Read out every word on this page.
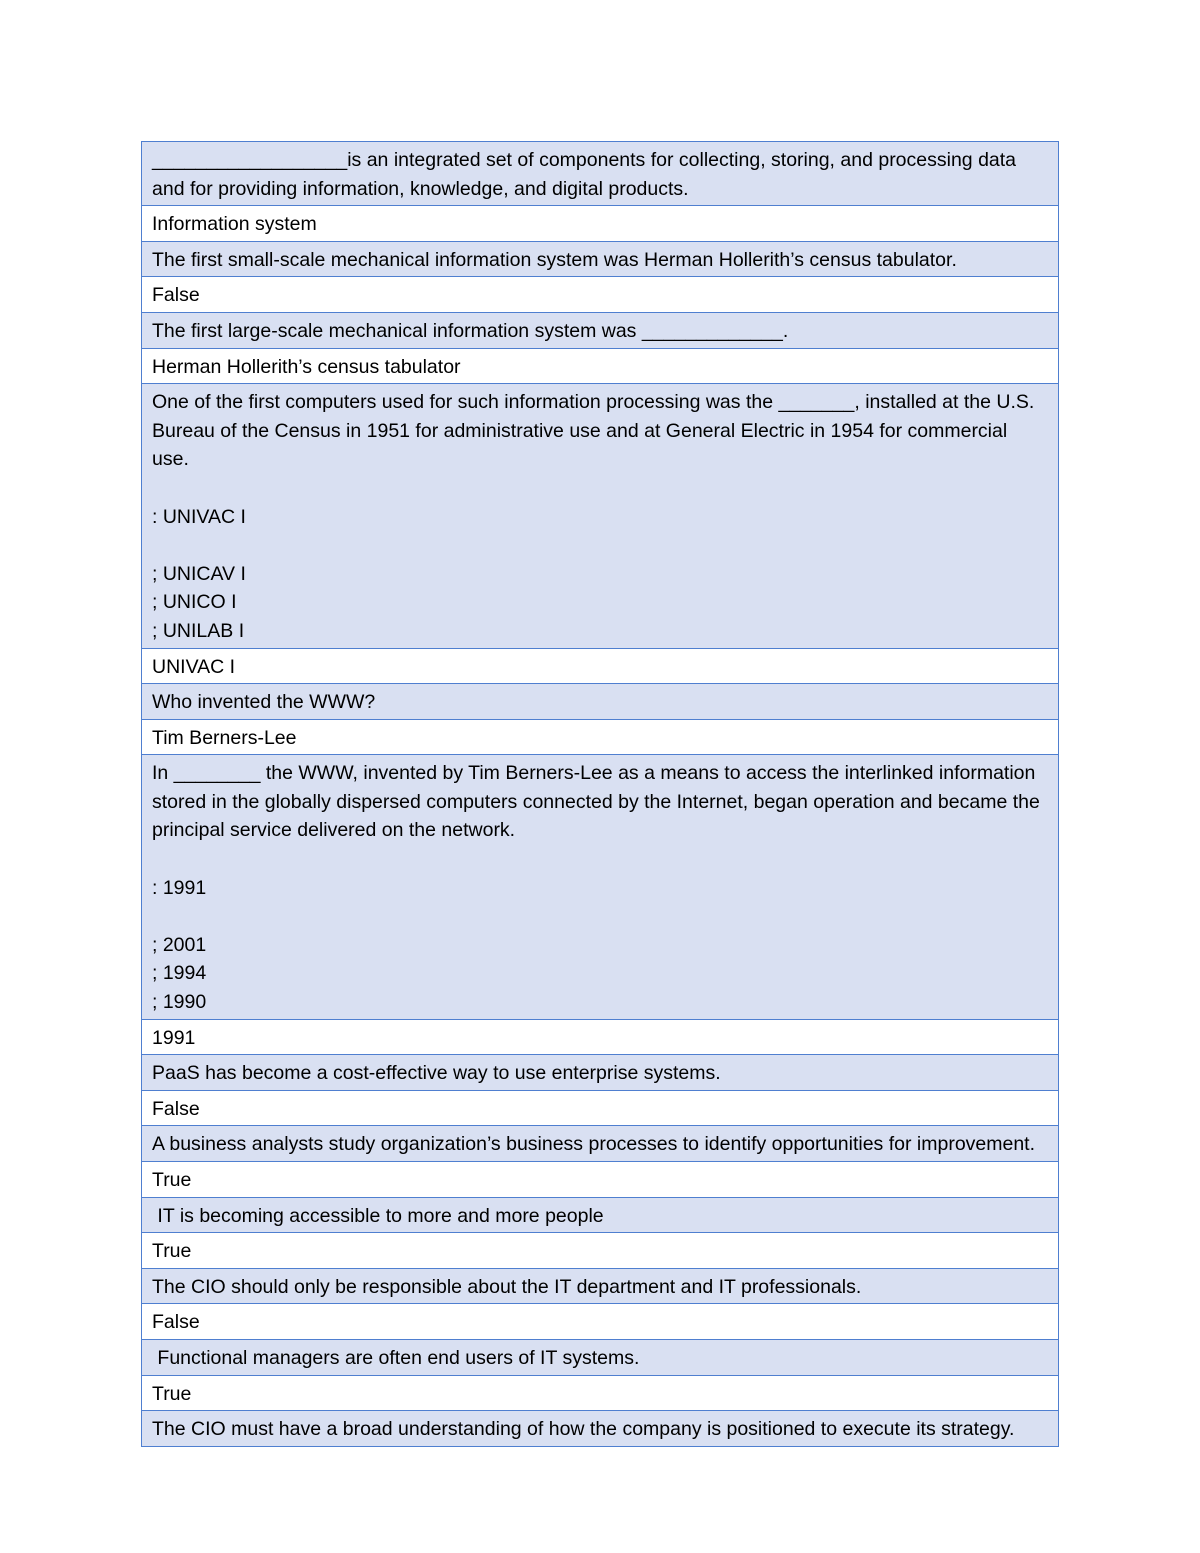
__________________is an integrated set of components for collecting, storing, and processing data and for providing information, knowledge, and digital products.
Information system
The first small-scale mechanical information system was Herman Hollerith’s census tabulator.
False
The first large-scale mechanical information system was _____________.
Herman Hollerith’s census tabulator
One of the first computers used for such information processing was the _______, installed at the U.S. Bureau of the Census in 1951 for administrative use and at General Electric in 1954 for commercial use.

: UNIVAC I

; UNICAV I
; UNICO I
; UNILAB I
UNIVAC I
Who invented the WWW?
Tim Berners-Lee
In ________ the WWW, invented by Tim Berners-Lee as a means to access the interlinked information stored in the globally dispersed computers connected by the Internet, began operation and became the principal service delivered on the network.

: 1991

; 2001
; 1994
; 1990
1991
PaaS has become a cost-effective way to use enterprise systems.
False
A business analysts study organization’s business processes to identify opportunities for improvement.
True
IT is becoming accessible to more and more people
True
The CIO should only be responsible about the IT department and IT professionals.
False
Functional managers are often end users of IT systems.
True
The CIO must have a broad understanding of how the company is positioned to execute its strategy.
